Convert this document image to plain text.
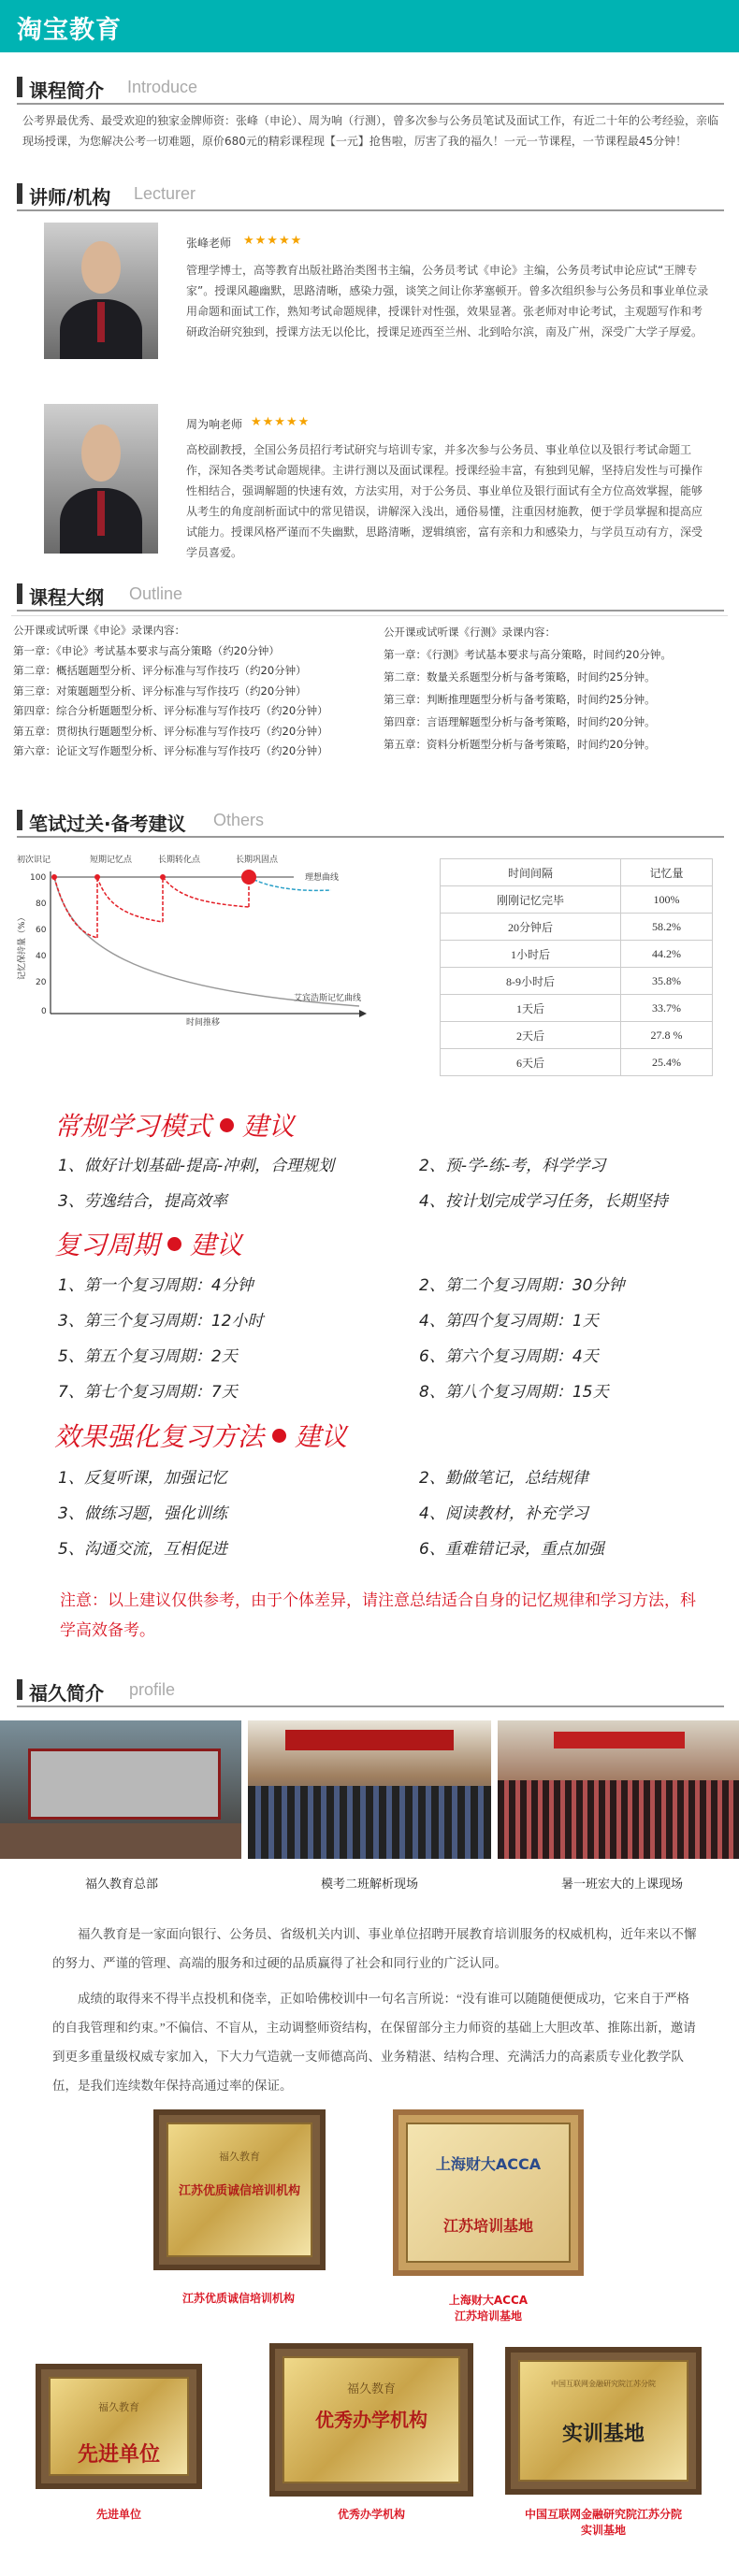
淘宝教育
课程简介 Introduce
公考界最优秀、最受欢迎的独家金牌师资：张峰（申论）、周为响（行测），曾多次参与公务员笔试及面试工作，有近二十年的公考经验，亲临现场授课，为您解决公考一切难题，原价680元的精彩课程现【一元】抢售啦，厉害了我的福久！一元一节课程，一节课程最45分钟！
讲师/机构 Lecturer
张峰老师 ★★★★★
管理学博士，高等教育出版社路治类图书主编，公务员考试《申论》主编，公务员考试申论应试“王牌专家”。授课风趣幽默，思路清晰，感染力强，谈笑之间让你茅塞顿开。曾多次组织参与公务员和事业单位录用命题和面试工作，熟知考试命题规律，授课针对性强，效果显著。张老师对申论考试，主观题写作和考研政治研究独到，授课方法无以伦比，授课足迹西至兰州、北到哈尔滨，南及广州，深受广大学子厚爱。
周为响老师 ★★★★★
高校副教授，全国公务员招行考试研究与培训专家，并多次参与公务员、事业单位以及银行考试命题工作，深知各类考试命题规律。主讲行测以及面试课程。授课经验丰富，有独到见解，坚持启发性与可操作性相结合，强调解题的快速有效，方法实用，对于公务员、事业单位及银行面试有全方位高效掌握，能够从考生的角度剖析面试中的常见错误，讲解深入浅出，通俗易懂，注重因材施教，便于学员掌握和提高应试能力。授课风格严谨而不失幽默，思路清晰，逻辑缜密，富有亲和力和感染力，与学员互动有方，深受学员喜爱。
课程大纲 Outline
公开课或试听课《申论》录课内容：
第一章：《申论》考试基本要求与高分策略（约20分钟）
第二章：概括题题型分析、评分标准与写作技巧（约20分钟）
第三章：对策题题型分析、评分标准与写作技巧（约20分钟）
第四章：综合分析题题型分析、评分标准与写作技巧（约20分钟）
第五章：贯彻执行题题型分析、评分标准与写作技巧（约20分钟）
第六章：论证文写作题型分析、评分标准与写作技巧（约20分钟）
公开课或试听课《行测》录课内容：
第一章：《行测》考试基本要求与高分策略，时间约20分钟。
第二章：数量关系题型分析与备考策略，时间约25分钟。
第三章：判断推理题型分析与备考策略，时间约25分钟。
第四章：言语理解题型分析与备考策略，时间约20分钟。
第五章：资料分析题型分析与备考策略，时间约20分钟。
笔试过关·备考建议 Others
初次识记	短期记忆点	长期转化点	长期巩固点
100
80
60
40
20
0
记忆保持量（%）
艾宾浩斯记忆曲线
理想曲线
时间推移
时间间隔	记忆量
刚刚记忆完毕	100%
20分钟后	58.2%
1小时后	44.2%
8-9小时后	35.8%
1天后	33.7%
2天后	27.8 %
6天后	25.4%
常规学习模式 建议
1、做好计划基础-提高-冲刺，合理规划	2、预-学-练-考，科学学习
3、劳逸结合，提高效率	4、按计划完成学习任务，长期坚持
复习周期 建议
1、第一个复习周期：4分钟	2、第二个复习周期：30分钟
3、第三个复习周期：12小时	4、第四个复习周期：1天
5、第五个复习周期：2天	6、第六个复习周期：4天
7、第七个复习周期：7天	8、第八个复习周期：15天
效果强化复习方法 建议
1、反复听课，加强记忆	2、勤做笔记，总结规律
3、做练习题，强化训练	4、阅读教材，补充学习
5、沟通交流，互相促进	6、重难错记录，重点加强
注意：以上建议仅供参考，由于个体差异，请注意总结适合自身的记忆规律和学习方法，科学高效备考。
福久简介 profile
福久教育总部	模考二班解析现场	暑一班宏大的上课现场
福久教育是一家面向银行、公务员、省级机关内训、事业单位招聘开展教育培训服务的权威机构，近年来以不懈的努力、严谨的管理、高端的服务和过硬的品质赢得了社会和同行业的广泛认同。
成绩的取得来不得半点投机和侥幸，正如哈佛校训中一句名言所说：“没有谁可以随随便便成功，它来自于严格的自我管理和约束。”不偏信、不盲从，主动调整师资结构，在保留部分主力师资的基础上大胆改革、推陈出新，邀请到更多重量级权威专家加入，下大力气造就一支师德高尚、业务精湛、结构合理、充满活力的高素质专业化教学队伍，是我们连续数年保持高通过率的保证。
福久教育
江苏优质诚信培训机构
江苏优质诚信培训机构
上海财大ACCA
江苏培训基地
上海财大ACCA
江苏培训基地
福久教育
先进单位
先进单位
福久教育
优秀办学机构
优秀办学机构
中国互联网金融研究院江苏分院
实训基地
中国互联网金融研究院江苏分院
实训基地
